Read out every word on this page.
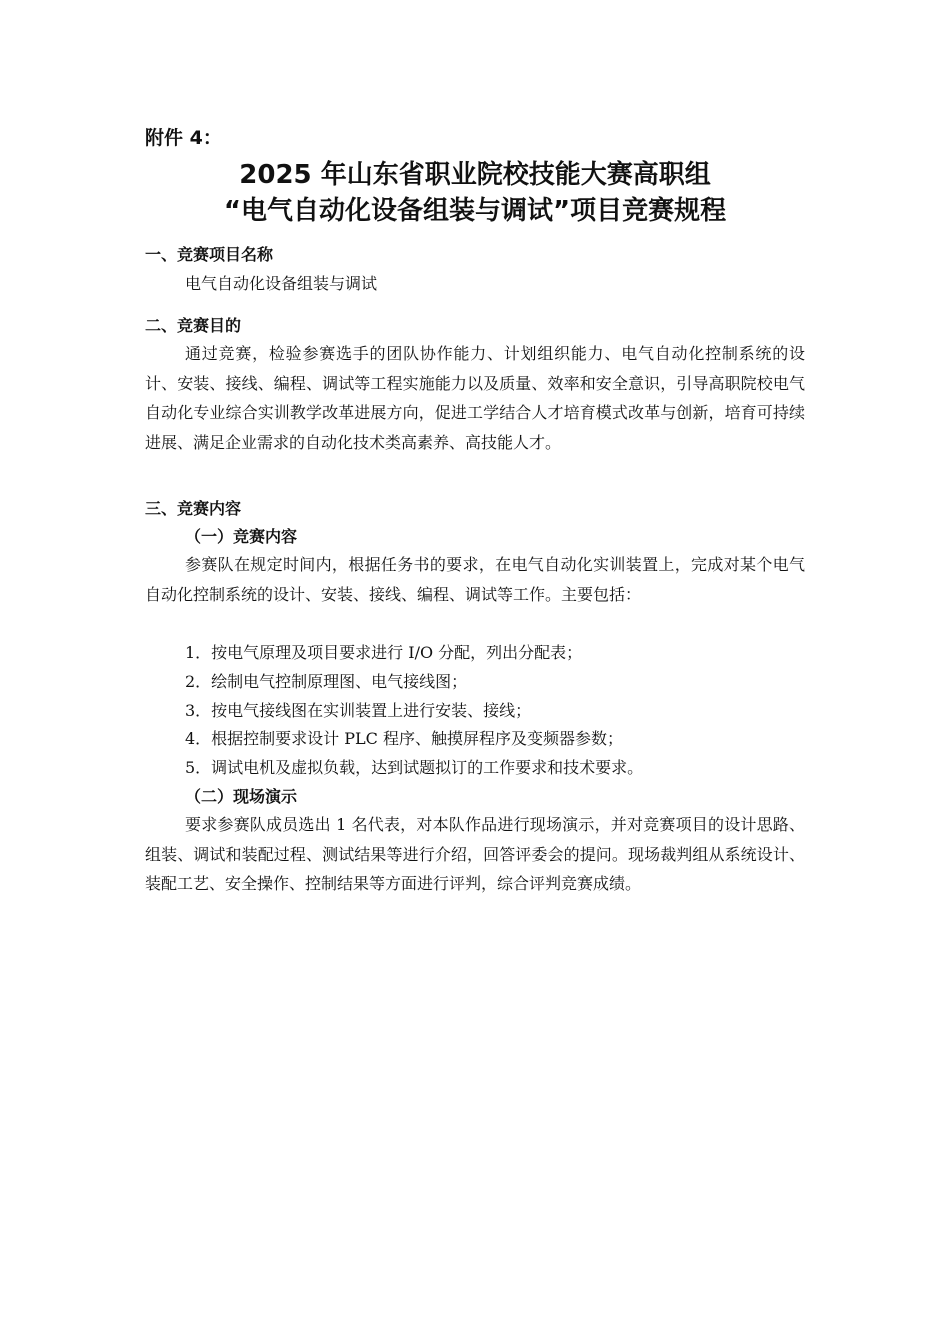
附件 4：
2025 年山东省职业院校技能大赛高职组
“电气自动化设备组装与调试”项目竞赛规程
一、竞赛项目名称
电气自动化设备组装与调试
二、竞赛目的
通过竞赛，检验参赛选手的团队协作能力、计划组织能力、电气自动化控制系统的设计、安装、接线、编程、调试等工程实施能力以及质量、效率和安全意识，引导高职院校电气自动化专业综合实训教学改革进展方向，促进工学结合人才培育模式改革与创新，培育可持续进展、满足企业需求的自动化技术类高素养、高技能人才。
三、竞赛内容
（一）竞赛内容
参赛队在规定时间内，根据任务书的要求，在电气自动化实训装置上，完成对某个电气自动化控制系统的设计、安装、接线、编程、调试等工作。主要包括：
1．按电气原理及项目要求进行 I/O 分配，列出分配表；
2．绘制电气控制原理图、电气接线图；
3．按电气接线图在实训装置上进行安装、接线；
4．根据控制要求设计 PLC 程序、触摸屏程序及变频器参数；
5．调试电机及虚拟负载，达到试题拟订的工作要求和技术要求。
（二）现场演示
要求参赛队成员选出 1 名代表，对本队作品进行现场演示，并对竞赛项目的设计思路、组装、调试和装配过程、测试结果等进行介绍，回答评委会的提问。现场裁判组从系统设计、装配工艺、安全操作、控制结果等方面进行评判，综合评判竞赛成绩。
